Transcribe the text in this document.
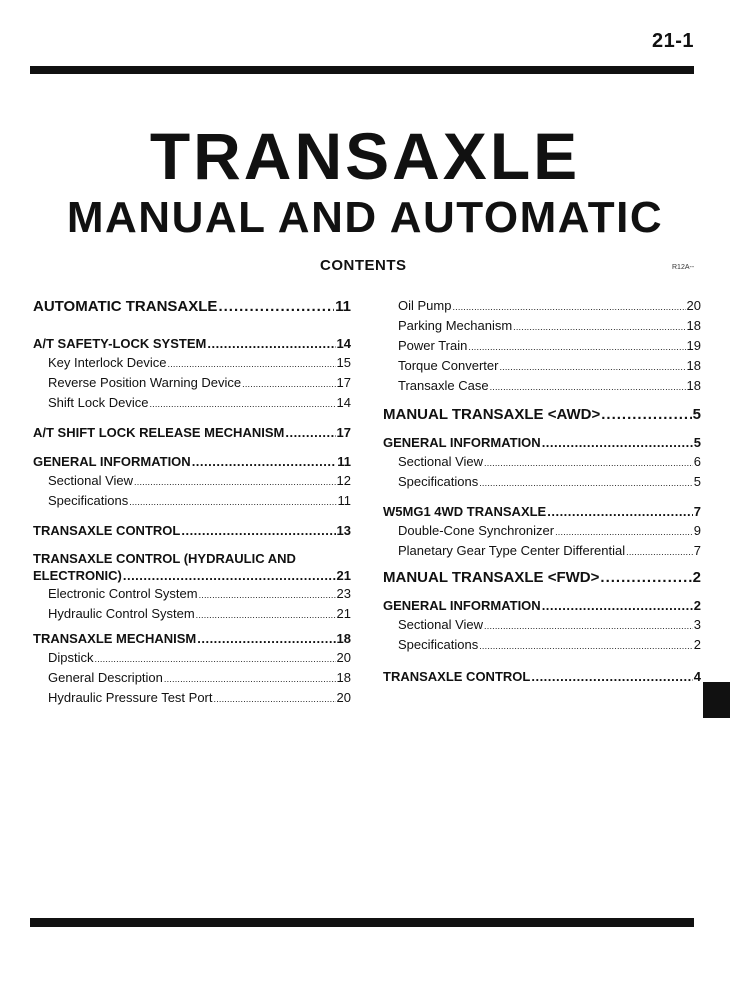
21-1
TRANSAXLE
MANUAL AND AUTOMATIC
CONTENTS	R12A--
AUTOMATIC TRANSAXLE .....	11
A/T SAFETY-LOCK SYSTEM .....	14
Key Interlock Device .....	15
Reverse Position Warning Device .....	17
Shift Lock Device .....	14
A/T SHIFT LOCK RELEASE MECHANISM .....	17
GENERAL INFORMATION .....	11
Sectional View .....	12
Specifications .....	11
TRANSAXLE CONTROL .....	13
TRANSAXLE CONTROL (HYDRAULIC AND
ELECTRONIC) .....	21
Electronic Control System .....	23
Hydraulic Control System .....	21
TRANSAXLE MECHANISM .....	18
Dipstick .....	20
General Description .....	18
Hydraulic Pressure Test Port .....	20
Oil Pump .....	20
Parking Mechanism .....	18
Power Train .....	19
Torque Converter .....	18
Transaxle Case .....	18
MANUAL TRANSAXLE <AWD> .....	5
GENERAL INFORMATION .....	5
Sectional View .....	6
Specifications .....	5
W5MG1 4WD TRANSAXLE .....	7
Double-Cone Synchronizer .....	9
Planetary Gear Type Center Differential .....	7
MANUAL TRANSAXLE <FWD> .....	2
GENERAL INFORMATION .....	2
Sectional View .....	3
Specifications .....	2
TRANSAXLE CONTROL .....	4
